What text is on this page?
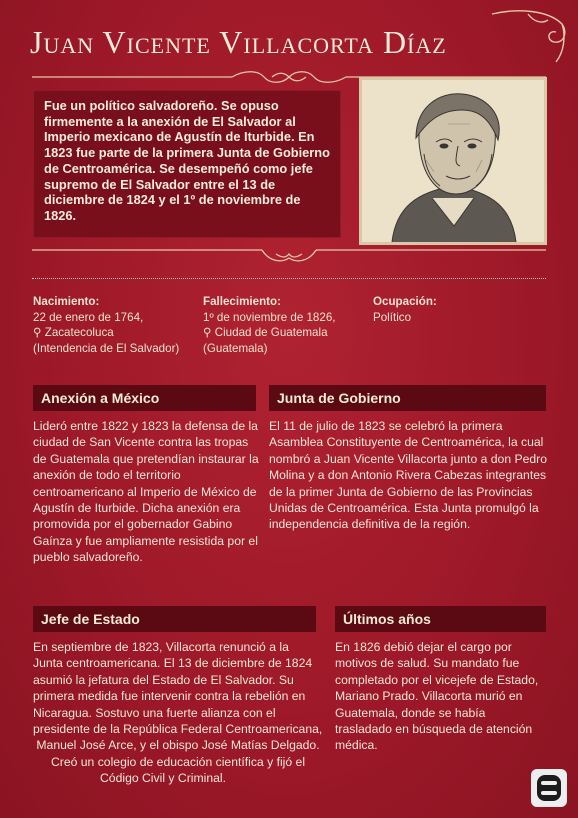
Juan Vicente Villacorta Díaz

Fue un político salvadoreño. Se opuso firmemente a la anexión de El Salvador al Imperio mexicano de Agustín de Iturbide. En 1823 fue parte de la primera Junta de Gobierno de Centroamérica. Se desempeñó como jefe supremo de El Salvador entre el 13 de diciembre de 1824 y el 1º de noviembre de 1826.

Nacimiento:
22 de enero de 1764,
⚲ Zacatecoluca
(Intendencia de El Salvador)
Fallecimiento:
1º de noviembre de 1826,
⚲ Ciudad de Guatemala
(Guatemala)
Ocupación:
Político
Anexión a México

Lideró entre 1822 y 1823 la defensa de la ciudad de San Vicente contra las tropas de Guatemala que pretendían instaurar la anexión de todo el territorio centroamericano al Imperio de México de Agustín de Iturbide. Dicha anexión era promovida por el gobernador Gabino Gaínza y fue ampliamente resistida por el pueblo salvadoreño.

Junta de Gobierno

El 11 de julio de 1823 se celebró la primera Asamblea Constituyente de Centroamérica, la cual nombró a Juan Vicente Villacorta junto a don Pedro Molina y a don Antonio Rivera Cabezas integrantes de la primer Junta de Gobierno de las Provincias Unidas de Centroamérica. Esta Junta promulgó la independencia definitiva de la región.

Jefe de Estado
En septiembre de 1823, Villacorta renunció a la
Junta centroamericana. El 13 de diciembre de 1824
asumió la jefatura del Estado de El Salvador. Su
primera medida fue intervenir contra la rebelión en
Nicaragua. Sostuvo una fuerte alianza con el
presidente de la República Federal Centroamericana,
Manuel José Arce, y el obispo José Matías Delgado.
Creó un colegio de educación científica y fijó el
Código Civil y Criminal.
Últimos años

En 1826 debió dejar el cargo por motivos de salud. Su mandato fue completado por el vicejefe de Estado, Mariano Prado. Villacorta murió en Guatemala, donde se había trasladado en búsqueda de atención médica.
